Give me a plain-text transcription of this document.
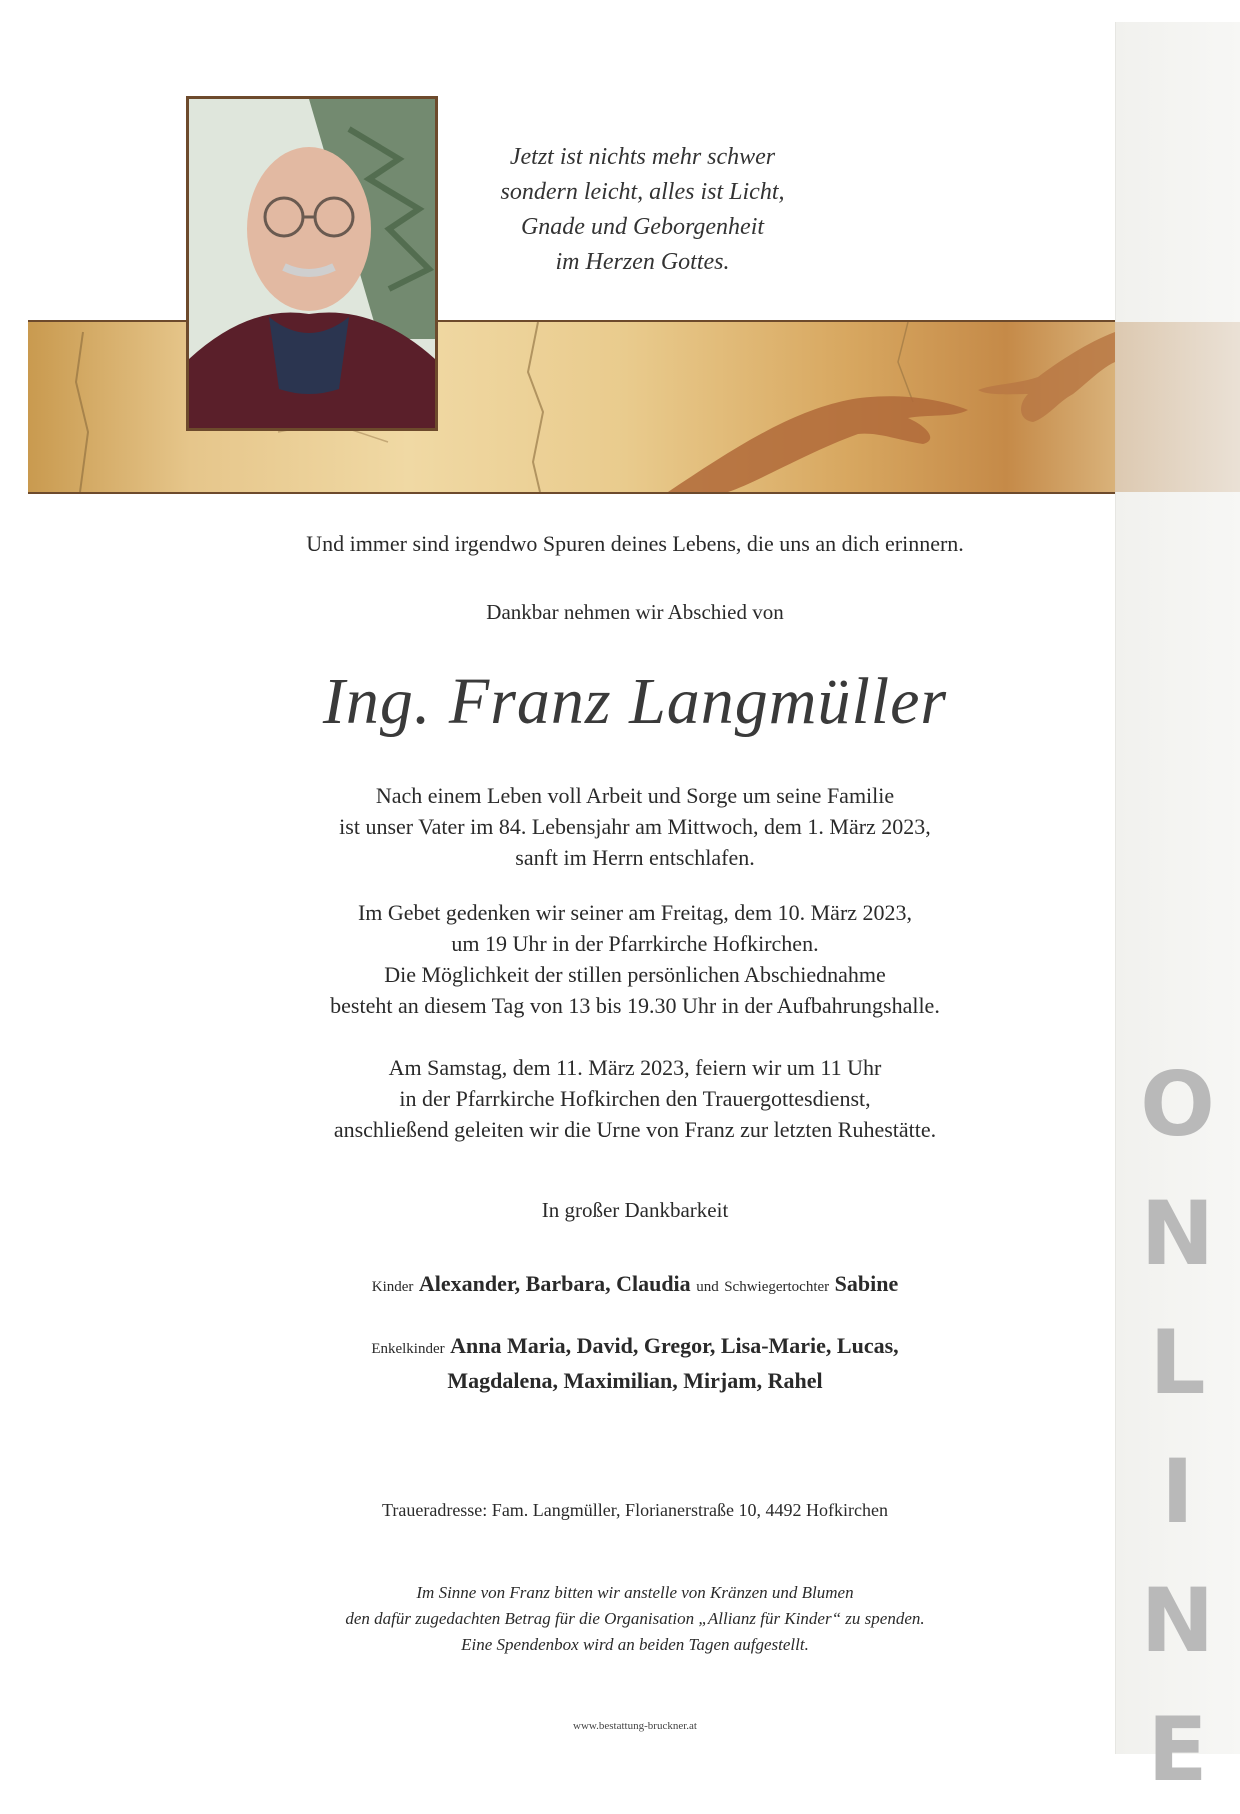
Jetzt ist nichts mehr schwer
sondern leicht, alles ist Licht,
Gnade und Geborgenheit
im Herzen Gottes.
Und immer sind irgendwo Spuren deines Lebens, die uns an dich erinnern.
Dankbar nehmen wir Abschied von
Ing. Franz Langmüller
Nach einem Leben voll Arbeit und Sorge um seine Familie
ist unser Vater im 84. Lebensjahr am Mittwoch, dem 1. März 2023,
sanft im Herrn entschlafen.
Im Gebet gedenken wir seiner am Freitag, dem 10. März 2023,
um 19 Uhr in der Pfarrkirche Hofkirchen.
Die Möglichkeit der stillen persönlichen Abschiednahme
besteht an diesem Tag von 13 bis 19.30 Uhr in der Aufbahrungshalle.
Am Samstag, dem 11. März 2023, feiern wir um 11 Uhr
in der Pfarrkirche Hofkirchen den Trauergottesdienst,
anschließend geleiten wir die Urne von Franz zur letzten Ruhestätte.
In großer Dankbarkeit
Kinder Alexander, Barbara, Claudia und Schwiegertochter Sabine
Enkelkinder Anna Maria, David, Gregor, Lisa-Marie, Lucas,
Magdalena, Maximilian, Mirjam, Rahel
Traueradresse: Fam. Langmüller, Florianerstraße 10, 4492 Hofkirchen
Im Sinne von Franz bitten wir anstelle von Kränzen und Blumen
den dafür zugedachten Betrag für die Organisation „Allianz für Kinder“ zu spenden.
Eine Spendenbox wird an beiden Tagen aufgestellt.
www.bestattung-bruckner.at
O
N
L
I
N
E
